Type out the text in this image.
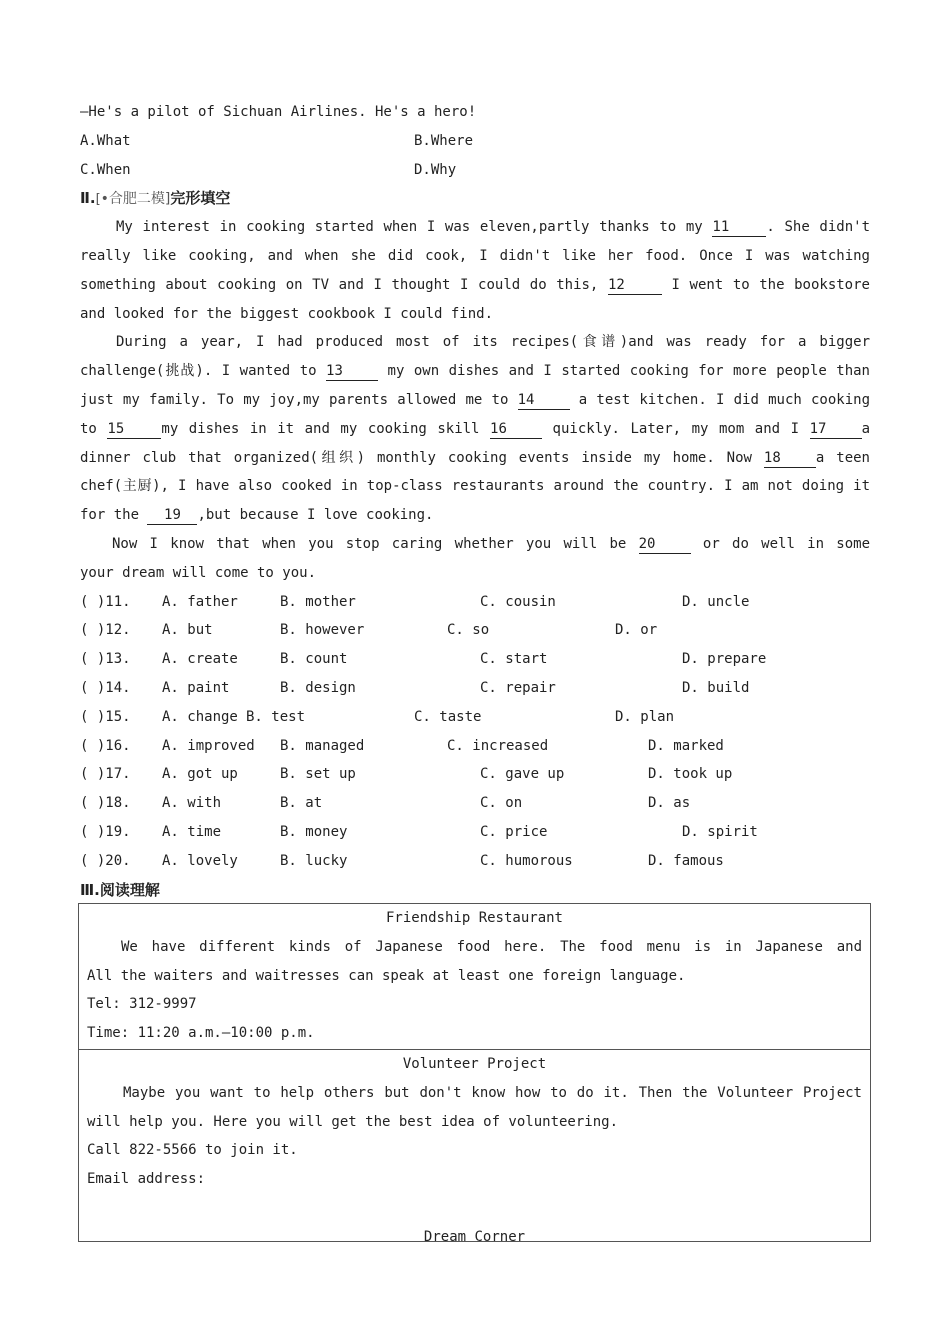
—He's a pilot of Sichuan Airlines. He's a hero!
A.What	B.Where
C.When	D.Why
Ⅱ.[•合肥二模]完形填空
My interest in cooking started when I was eleven,partly thanks to my 11	. She didn't
really like cooking, and when she did cook, I didn't like her food. Once I was watching
something about cooking on TV and I thought I could do this, 12	I went to the bookstore
and looked for the biggest cookbook I could find.
During a year, I had produced most of its recipes(食谱)and was ready for a bigger
challenge(挑战). I wanted to 13	my own dishes and I started cooking for more people than
just my family. To my joy,my parents allowed me to 14	a test kitchen. I did much cooking
to 15	my dishes in it and my cooking skill 16	quickly. Later, my mom and I 17	a
dinner club that organized(组织) monthly cooking events inside my home. Now 18	a teen
chef(主厨), I have also cooked in top-class restaurants around the country. I am not doing it
for the 19 ,but because I love cooking.
Now I know that when you stop caring whether you will be 20	or do well in some
your dream will come to you.
( )11. A. father	B. mother	C. cousin	D. uncle
( )12. A. but	B. however	C. so	D. or
( )13. A. create	B. count	C. start	D. prepare
( )14. A. paint	B. design	C. repair	D. build
( )15. A. change B. test	C. taste	D. plan
( )16. A. improved B. managed	C. increased	D. marked
( )17. A. got up	B. set up	C. gave up	D. took up
( )18. A. with	B. at	C. on	D. as
( )19. A. time	B. money	C. price	D. spirit
( )20. A. lovely	B. lucky	C. humorous	D. famous
Ⅲ.阅读理解
Friendship Restaurant
We have different kinds of Japanese food here. The food menu is in Japanese and
All the waiters and waitresses can speak at least one foreign language.
Tel: 312-9997
Time: 11:20 a.m.—10:00 p.m.
Volunteer Project
Maybe you want to help others but don't know how to do it. Then the Volunteer Project
will help you. Here you will get the best idea of volunteering.
Call 822-5566 to join it.
Email address:
Dream Corner
